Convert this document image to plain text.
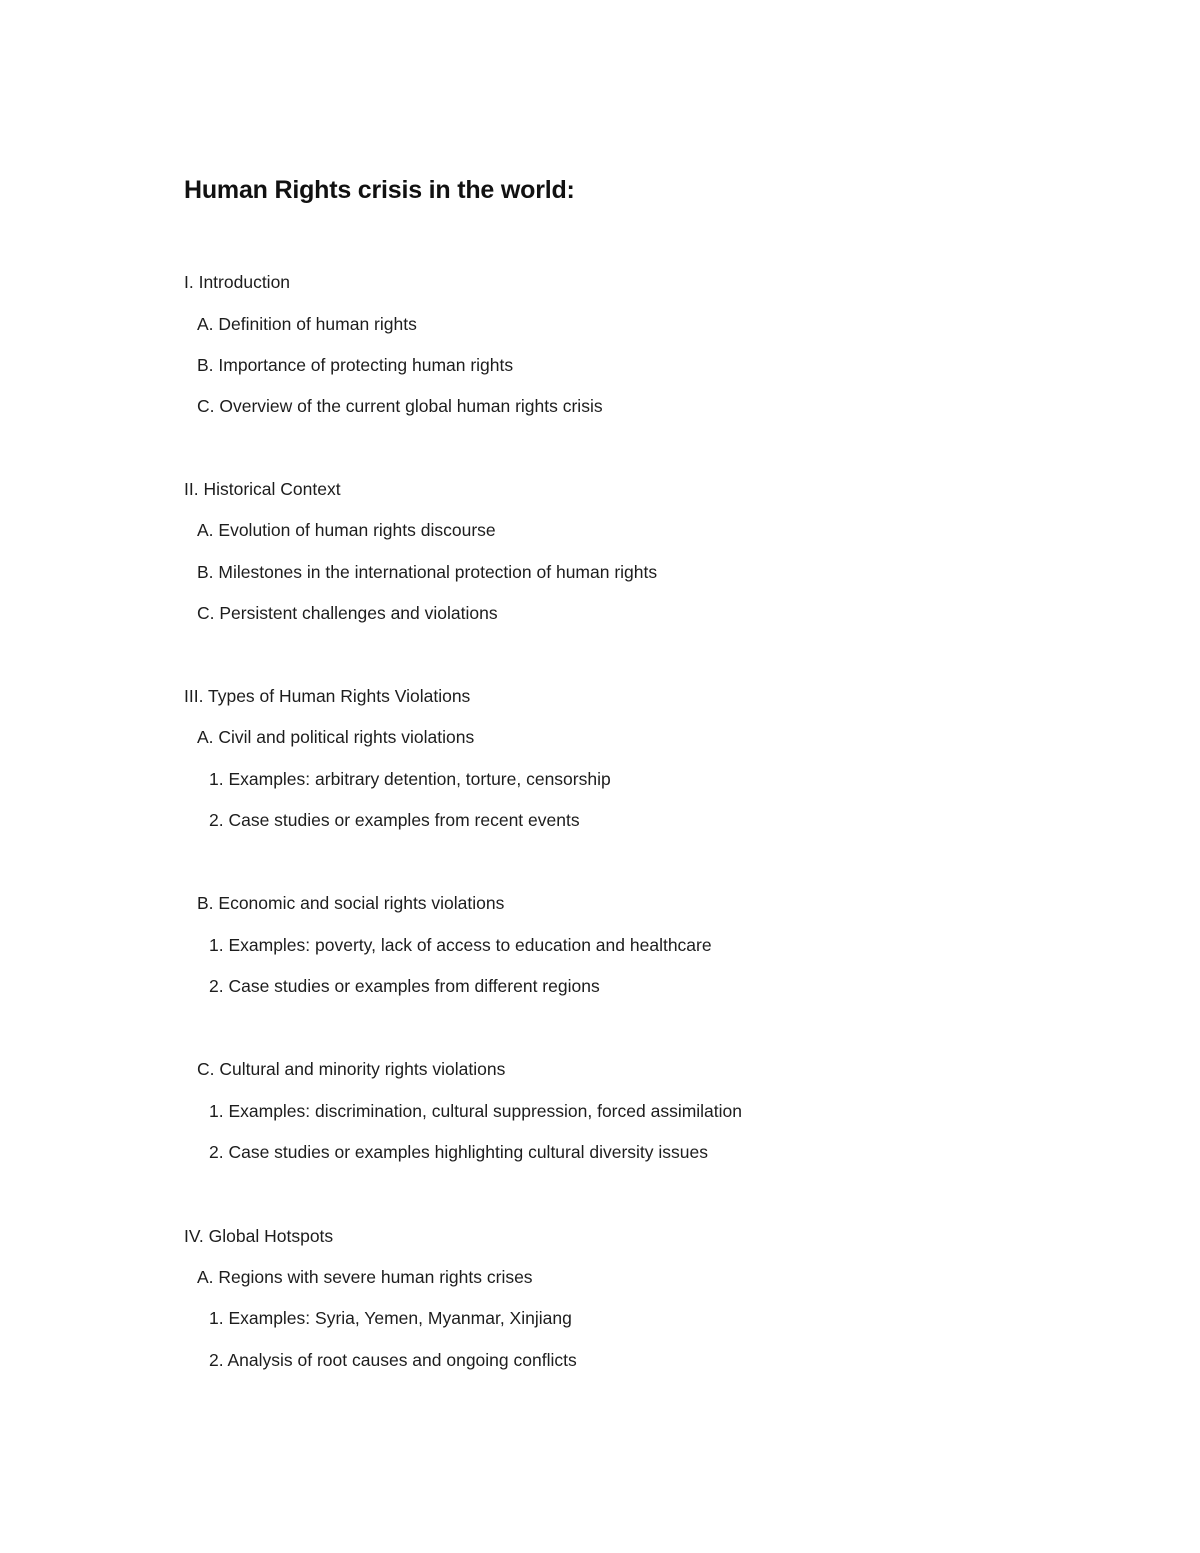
Human Rights crisis in the world:

I. Introduction

A. Definition of human rights

B. Importance of protecting human rights

C. Overview of the current global human rights crisis

II. Historical Context

A. Evolution of human rights discourse

B. Milestones in the international protection of human rights

C. Persistent challenges and violations

III. Types of Human Rights Violations

A. Civil and political rights violations

1. Examples: arbitrary detention, torture, censorship

2. Case studies or examples from recent events

B. Economic and social rights violations

1. Examples: poverty, lack of access to education and healthcare

2. Case studies or examples from different regions

C. Cultural and minority rights violations

1. Examples: discrimination, cultural suppression, forced assimilation

2. Case studies or examples highlighting cultural diversity issues

IV. Global Hotspots

A. Regions with severe human rights crises

1. Examples: Syria, Yemen, Myanmar, Xinjiang

2. Analysis of root causes and ongoing conflicts
